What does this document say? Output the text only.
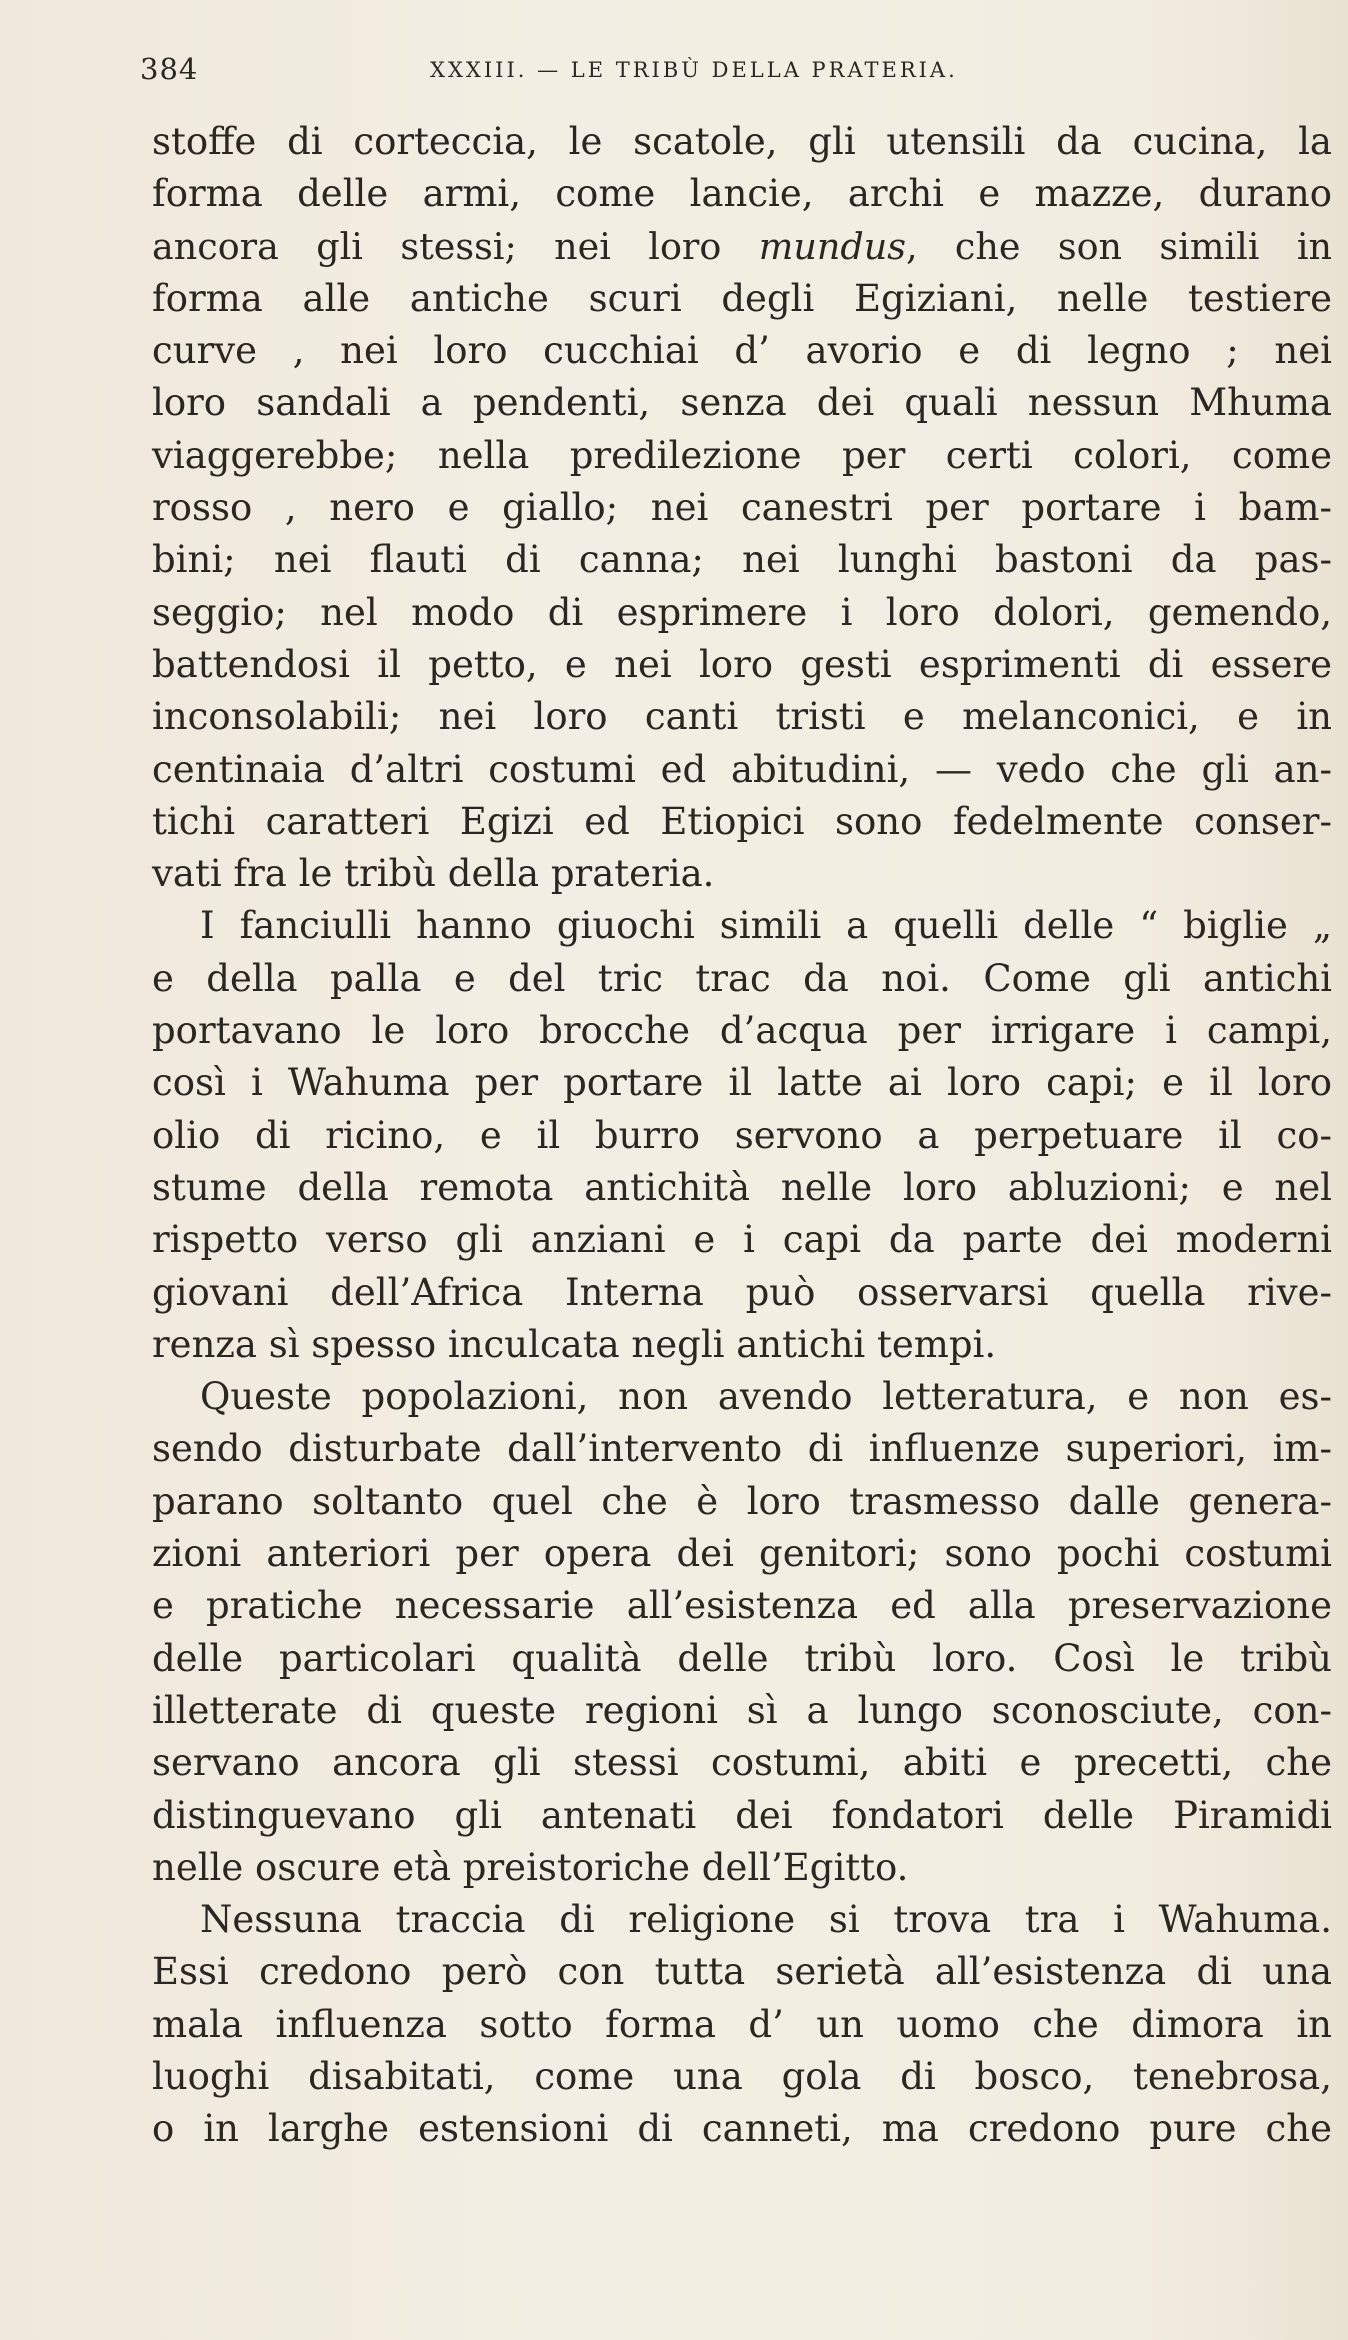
384	XXXIII. — LE TRIBÙ DELLA PRATERIA.
stoffe di corteccia, le scatole, gli utensili da cucina, la
forma delle armi, come lancie, archi e mazze, durano
ancora gli stessi; nei loro mundus, che son simili in
forma alle antiche scuri degli Egiziani, nelle testiere
curve , nei loro cucchiai d’ avorio e di legno ; nei
loro sandali a pendenti, senza dei quali nessun Mhuma
viaggerebbe; nella predilezione per certi colori, come
rosso , nero e giallo; nei canestri per portare i bam-
bini; nei flauti di canna; nei lunghi bastoni da pas-
seggio; nel modo di esprimere i loro dolori, gemendo,
battendosi il petto, e nei loro gesti esprimenti di essere
inconsolabili; nei loro canti tristi e melanconici, e in
centinaia d’altri costumi ed abitudini, — vedo che gli an-
tichi caratteri Egizi ed Etiopici sono fedelmente conser-
vati fra le tribù della prateria.
I fanciulli hanno giuochi simili a quelli delle “ biglie „
e della palla e del tric trac da noi. Come gli antichi
portavano le loro brocche d’acqua per irrigare i campi,
così i Wahuma per portare il latte ai loro capi; e il loro
olio di ricino, e il burro servono a perpetuare il co-
stume della remota antichità nelle loro abluzioni; e nel
rispetto verso gli anziani e i capi da parte dei moderni
giovani dell’Africa Interna può osservarsi quella rive-
renza sì spesso inculcata negli antichi tempi.
Queste popolazioni, non avendo letteratura, e non es-
sendo disturbate dall’intervento di influenze superiori, im-
parano soltanto quel che è loro trasmesso dalle genera-
zioni anteriori per opera dei genitori; sono pochi costumi
e pratiche necessarie all’esistenza ed alla preservazione
delle particolari qualità delle tribù loro. Così le tribù
illetterate di queste regioni sì a lungo sconosciute, con-
servano ancora gli stessi costumi, abiti e precetti, che
distinguevano gli antenati dei fondatori delle Piramidi
nelle oscure età preistoriche dell’Egitto.
Nessuna traccia di religione si trova tra i Wahuma.
Essi credono però con tutta serietà all’esistenza di una
mala influenza sotto forma d’ un uomo che dimora in
luoghi disabitati, come una gola di bosco, tenebrosa,
o in larghe estensioni di canneti, ma credono pure che
